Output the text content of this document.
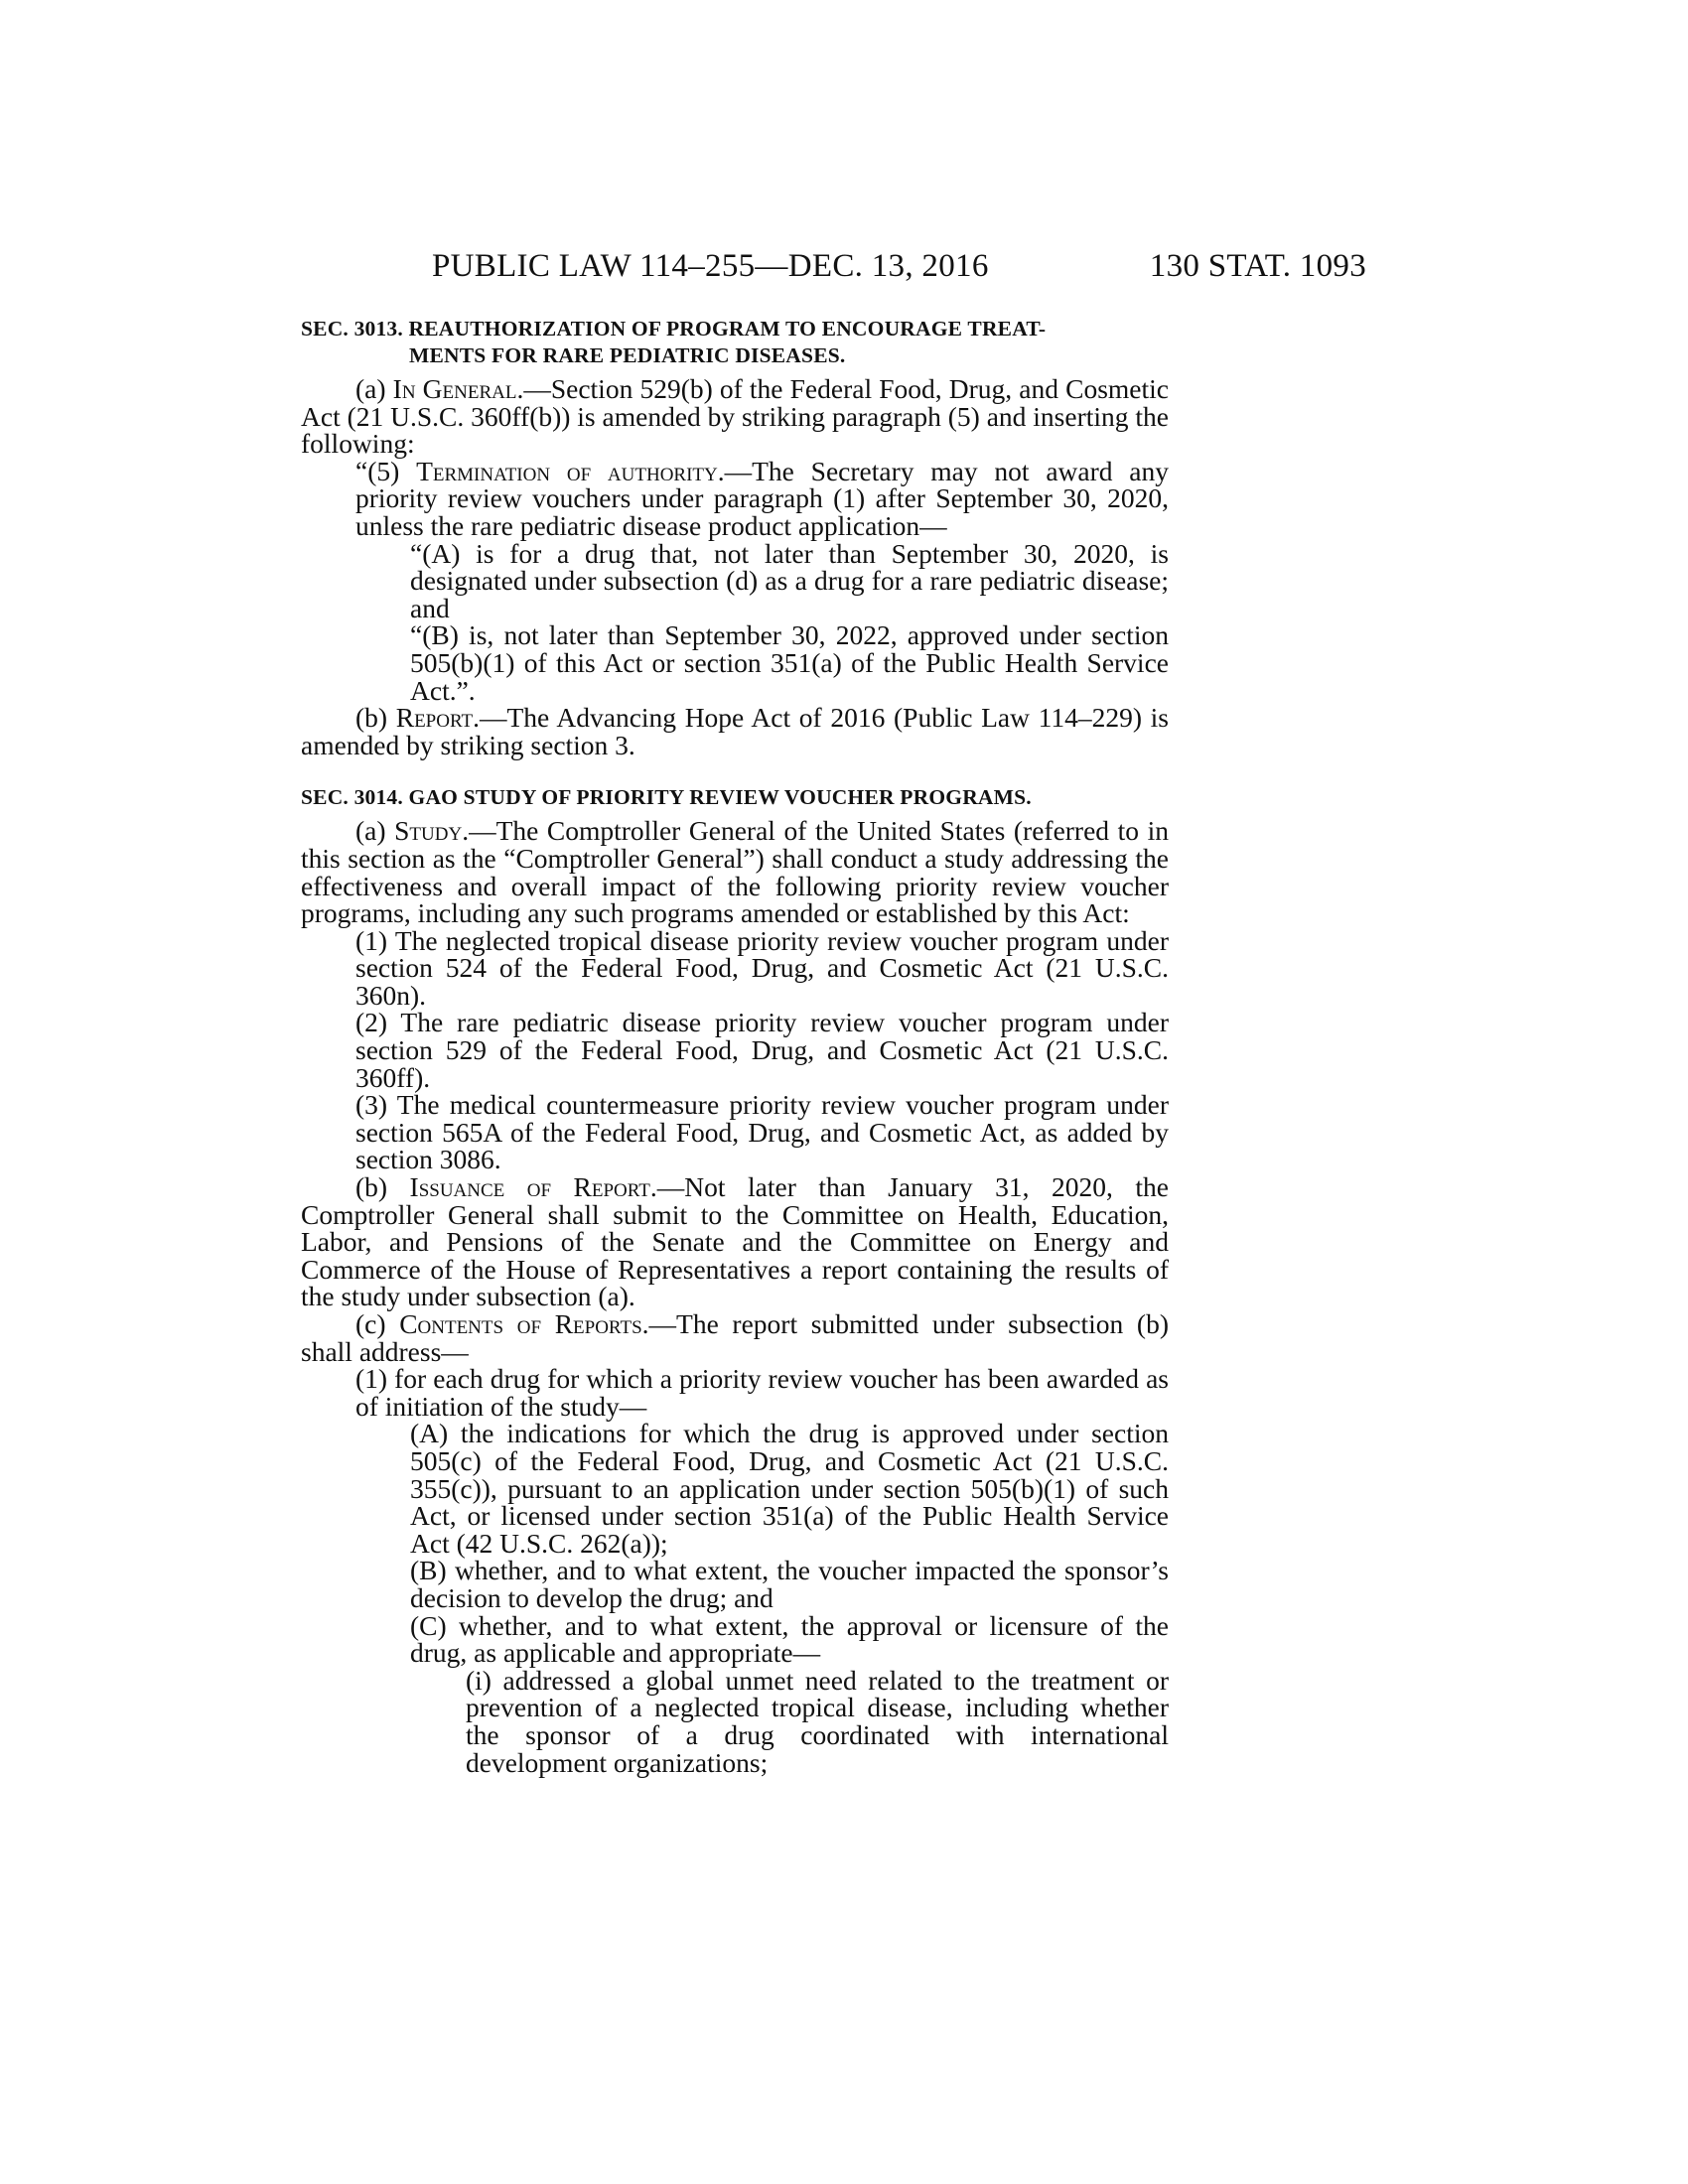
PUBLIC LAW 114–255—DEC. 13, 2016	130 STAT. 1093
SEC. 3013. REAUTHORIZATION OF PROGRAM TO ENCOURAGE TREAT-
MENTS FOR RARE PEDIATRIC DISEASES.

(a) In General.—Section 529(b) of the Federal Food, Drug, and Cosmetic Act (21 U.S.C. 360ff(b)) is amended by striking paragraph (5) and inserting the following:

“(5) Termination of authority.—The Secretary may not award any priority review vouchers under paragraph (1) after September 30, 2020, unless the rare pediatric disease product application—

“(A) is for a drug that, not later than September 30, 2020, is designated under subsection (d) as a drug for a rare pediatric disease; and

“(B) is, not later than September 30, 2022, approved under section 505(b)(1) of this Act or section 351(a) of the Public Health Service Act.”.

(b) Report.—The Advancing Hope Act of 2016 (Public Law 114–229) is amended by striking section 3.

SEC. 3014. GAO STUDY OF PRIORITY REVIEW VOUCHER PROGRAMS.

(a) Study.—The Comptroller General of the United States (referred to in this section as the “Comptroller General”) shall conduct a study addressing the effectiveness and overall impact of the following priority review voucher programs, including any such programs amended or established by this Act:

(1) The neglected tropical disease priority review voucher program under section 524 of the Federal Food, Drug, and Cosmetic Act (21 U.S.C. 360n).

(2) The rare pediatric disease priority review voucher program under section 529 of the Federal Food, Drug, and Cosmetic Act (21 U.S.C. 360ff).

(3) The medical countermeasure priority review voucher program under section 565A of the Federal Food, Drug, and Cosmetic Act, as added by section 3086.

(b) Issuance of Report.—Not later than January 31, 2020, the Comptroller General shall submit to the Committee on Health, Education, Labor, and Pensions of the Senate and the Committee on Energy and Commerce of the House of Representatives a report containing the results of the study under subsection (a).

(c) Contents of Reports.—The report submitted under subsection (b) shall address—

(1) for each drug for which a priority review voucher has been awarded as of initiation of the study—

(A) the indications for which the drug is approved under section 505(c) of the Federal Food, Drug, and Cosmetic Act (21 U.S.C. 355(c)), pursuant to an application under section 505(b)(1) of such Act, or licensed under section 351(a) of the Public Health Service Act (42 U.S.C. 262(a));

(B) whether, and to what extent, the voucher impacted the sponsor’s decision to develop the drug; and

(C) whether, and to what extent, the approval or licensure of the drug, as applicable and appropriate—

(i) addressed a global unmet need related to the treatment or prevention of a neglected tropical disease, including whether the sponsor of a drug coordinated with international development organizations;
